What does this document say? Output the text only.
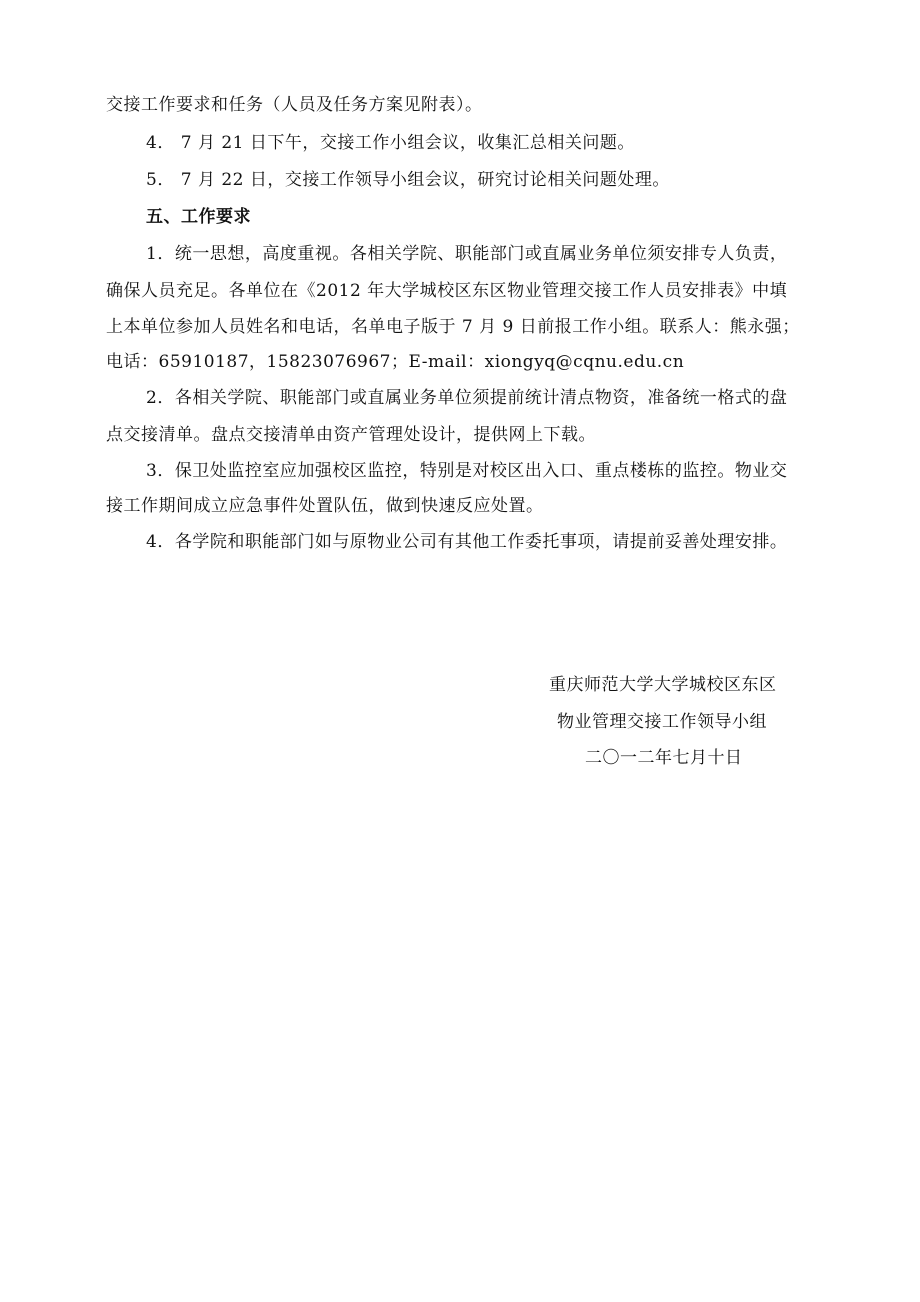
交接工作要求和任务（人员及任务方案见附表）。
4． 7 月 21 日下午，交接工作小组会议，收集汇总相关问题。
5． 7 月 22 日，交接工作领导小组会议，研究讨论相关问题处理。
五、工作要求
1．统一思想，高度重视。各相关学院、职能部门或直属业务单位须安排专人负责，
确保人员充足。各单位在《2012 年大学城校区东区物业管理交接工作人员安排表》中填
上本单位参加人员姓名和电话，名单电子版于 7 月 9 日前报工作小组。联系人：熊永强；
电话：65910187，15823076967；E-mail：xiongyq@cqnu.edu.cn
2．各相关学院、职能部门或直属业务单位须提前统计清点物资，准备统一格式的盘
点交接清单。盘点交接清单由资产管理处设计，提供网上下载。
3．保卫处监控室应加强校区监控，特别是对校区出入口、重点楼栋的监控。物业交
接工作期间成立应急事件处置队伍，做到快速反应处置。
4．各学院和职能部门如与原物业公司有其他工作委托事项，请提前妥善处理安排。
重庆师范大学大学城校区东区
物业管理交接工作领导小组
二〇一二年七月十日
